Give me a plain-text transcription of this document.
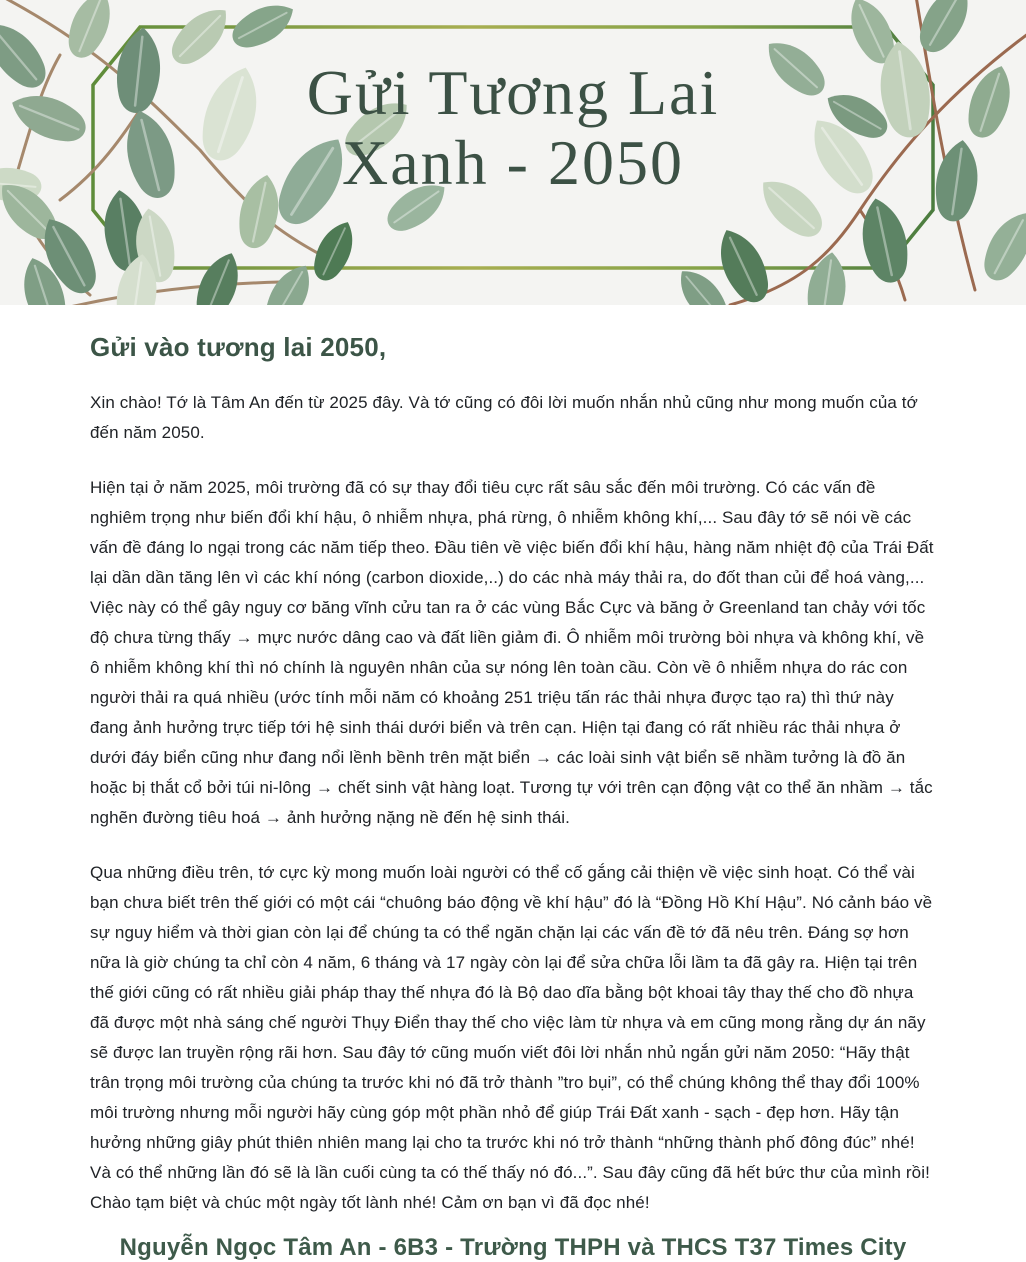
Gửi Tương Lai
Xanh - 2050
Gửi vào tương lai 2050,

Xin chào! Tớ là Tâm An đến từ 2025 đây. Và tớ cũng có đôi lời muốn nhắn nhủ cũng như mong muốn của tớ đến năm 2050.

Hiện tại ở năm 2025, môi trường đã có sự thay đổi tiêu cực rất sâu sắc đến môi trường. Có các vấn đề nghiêm trọng như biến đổi khí hậu, ô nhiễm nhựa, phá rừng, ô nhiễm không khí,... Sau đây tớ sẽ nói về các vấn đề đáng lo ngại trong các năm tiếp theo. Đầu tiên về việc biến đổi khí hậu, hàng năm nhiệt độ của Trái Đất lại dần dần tăng lên vì các khí nóng (carbon dioxide,..) do các nhà máy thải ra, do đốt than củi để hoá vàng,... Việc này có thể gây nguy cơ băng vĩnh cửu tan ra ở các vùng Bắc Cực và băng ở Greenland tan chảy với tốc độ chưa từng thấy → mực nước dâng cao và đất liền giảm đi. Ô nhiễm môi trường bòi nhựa và không khí, về ô nhiễm không khí thì nó chính là nguyên nhân của sự nóng lên toàn cầu. Còn về ô nhiễm nhựa do rác con người thải ra quá nhiều (ước tính mỗi năm có khoảng 251 triệu tấn rác thải nhựa được tạo ra) thì thứ này đang ảnh hưởng trực tiếp tới hệ sinh thái dưới biển và trên cạn. Hiện tại đang có rất nhiều rác thải nhựa ở dưới đáy biển cũng như đang nổi lềnh bềnh trên mặt biển → các loài sinh vật biển sẽ nhầm tưởng là đồ ăn hoặc bị thắt cổ bởi túi ni-lông → chết sinh vật hàng loạt. Tương tự với trên cạn động vật co thể ăn nhầm → tắc nghẽn đường tiêu hoá → ảnh hưởng nặng nề đến hệ sinh thái.

Qua những điều trên, tớ cực kỳ mong muốn loài người có thể cố gắng cải thiện về việc sinh hoạt. Có thể vài bạn chưa biết trên thế giới có một cái “chuông báo động về khí hậu” đó là “Đồng Hồ Khí Hậu”. Nó cảnh báo về sự nguy hiểm và thời gian còn lại để chúng ta có thể ngăn chặn lại các vấn đề tớ đã nêu trên. Đáng sợ hơn nữa là giờ chúng ta chỉ còn 4 năm, 6 tháng và 17 ngày còn lại để sửa chữa lỗi lầm ta đã gây ra. Hiện tại trên thế giới cũng có rất nhiều giải pháp thay thế nhựa đó là Bộ dao dĩa bằng bột khoai tây thay thế cho đồ nhựa đã được một nhà sáng chế người Thụy Điển thay thế cho việc làm từ nhựa và em cũng mong rằng dự án nãy sẽ được lan truyền rộng rãi hơn. Sau đây tớ cũng muốn viết đôi lời nhắn nhủ ngắn gửi năm 2050: “Hãy thật trân trọng môi trường của chúng ta trước khi nó đã trở thành ”tro bụi”, có thể chúng không thể thay đổi 100% môi trường nhưng mỗi người hãy cùng góp một phần nhỏ để giúp Trái Đất xanh - sạch - đẹp hơn. Hãy tận hưởng những giây phút thiên nhiên mang lại cho ta trước khi nó trở thành “những thành phố đông đúc” nhé! Và có thể những lần đó sẽ là lần cuối cùng ta có thế thấy nó đó...”. Sau đây cũng đã hết bức thư của mình rồi! Chào tạm biệt và chúc một ngày tốt lành nhé! Cảm ơn bạn vì đã đọc nhé!

Nguyễn Ngọc Tâm An - 6B3 - Trường THPH và THCS T37 Times City
